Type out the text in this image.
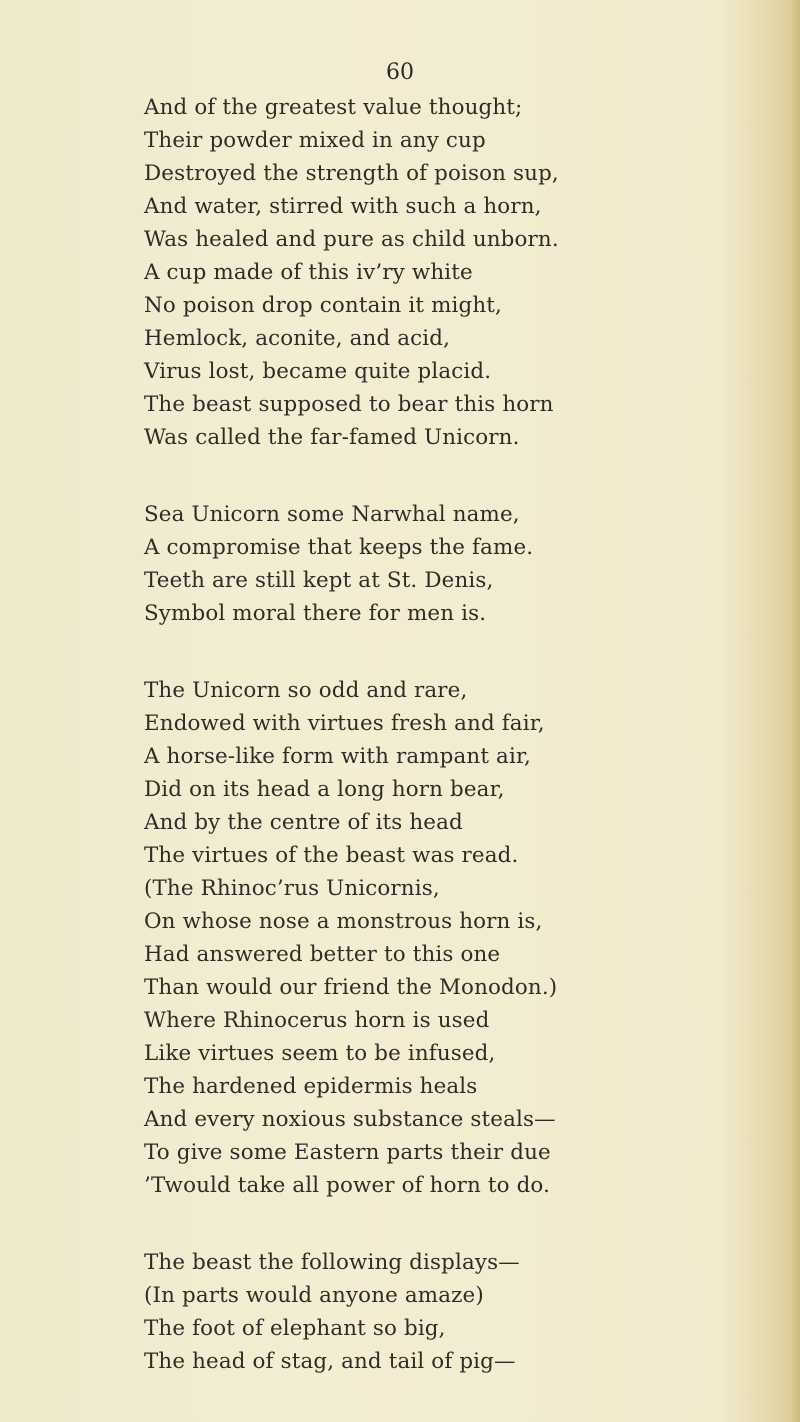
60
And of the greatest value thought;
Their powder mixed in any cup
Destroyed the strength of poison sup,
And water, stirred with such a horn,
Was healed and pure as child unborn.
A cup made of this iv’ry white
No poison drop contain it might,
Hemlock, aconite, and acid,
Virus lost, became quite placid.
The beast supposed to bear this horn
Was called the far-famed Unicorn.
Sea Unicorn some Narwhal name,
A compromise that keeps the fame.
Teeth are still kept at St. Denis,
Symbol moral there for men is.
The Unicorn so odd and rare,
Endowed with virtues fresh and fair,
A horse-like form with rampant air,
Did on its head a long horn bear,
And by the centre of its head
The virtues of the beast was read.
(The Rhinoc’rus Unicornis,
On whose nose a monstrous horn is,
Had answered better to this one
Than would our friend the Monodon.)
Where Rhinocerus horn is used
Like virtues seem to be infused,
The hardened epidermis heals
And every noxious substance steals—
To give some Eastern parts their due
’Twould take all power of horn to do.
The beast the following displays—
(In parts would anyone amaze)
The foot of elephant so big,
The head of stag, and tail of pig—
